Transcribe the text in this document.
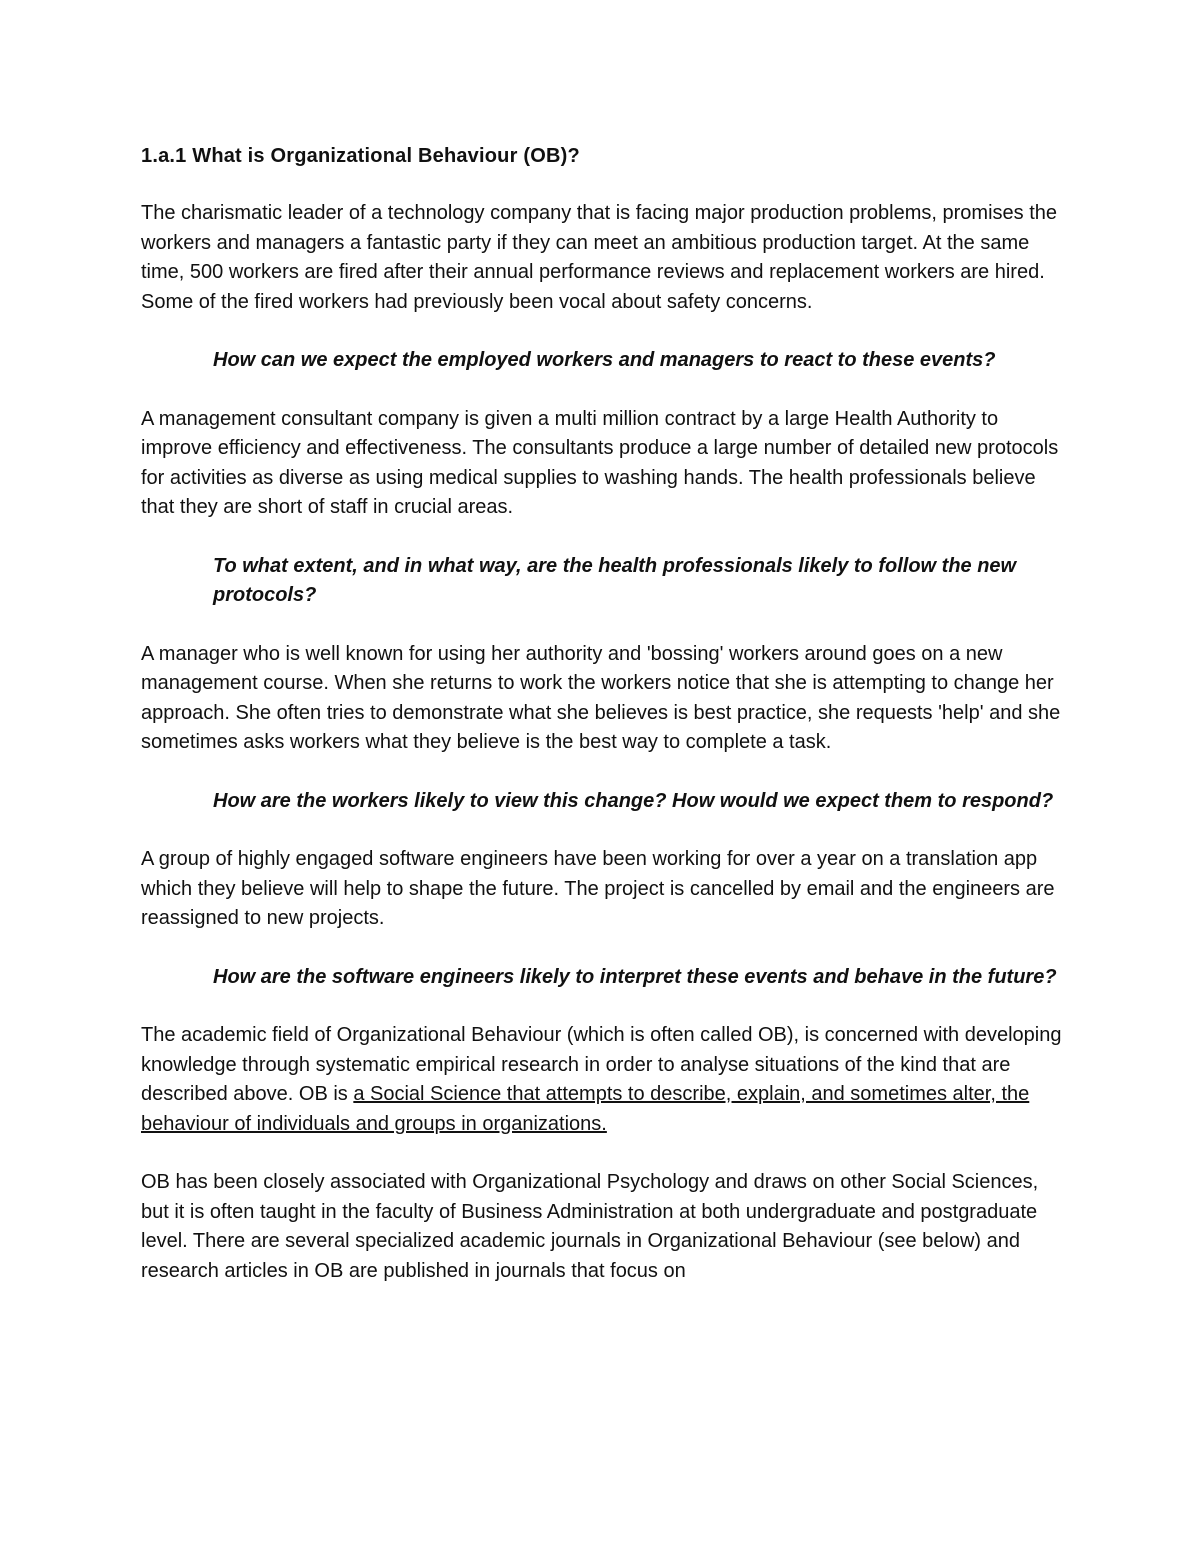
1.a.1 What is Organizational Behaviour (OB)?

The charismatic leader of a technology company that is facing major production problems, promises the workers and managers a fantastic party if they can meet an ambitious production target. At the same time, 500 workers are fired after their annual performance reviews and replacement workers are hired. Some of the fired workers had previously been vocal about safety concerns.

How can we expect the employed workers and managers to react to these events?

A management consultant company is given a multi million contract by a large Health Authority to improve efficiency and effectiveness. The consultants produce a large number of detailed new protocols for activities as diverse as using medical supplies to washing hands. The health professionals believe that they are short of staff in crucial areas.

To what extent, and in what way, are the health professionals likely to follow the new protocols?

A manager who is well known for using her authority and 'bossing' workers around goes on a new management course. When she returns to work the workers notice that she is attempting to change her approach. She often tries to demonstrate what she believes is best practice, she requests 'help' and she sometimes asks workers what they believe is the best way to complete a task.

How are the workers likely to view this change? How would we expect them to respond?

A group of highly engaged software engineers have been working for over a year on a translation app which they believe will help to shape the future. The project is cancelled by email and the engineers are reassigned to new projects.

How are the software engineers likely to interpret these events and behave in the future?

The academic field of Organizational Behaviour (which is often called OB), is concerned with developing knowledge through systematic empirical research in order to analyse situations of the kind that are described above. OB is a Social Science that attempts to describe, explain, and sometimes alter, the behaviour of individuals and groups in organizations.

OB has been closely associated with Organizational Psychology and draws on other Social Sciences, but it is often taught in the faculty of Business Administration at both undergraduate and postgraduate level. There are several specialized academic journals in Organizational Behaviour (see below) and research articles in OB are published in journals that focus on
